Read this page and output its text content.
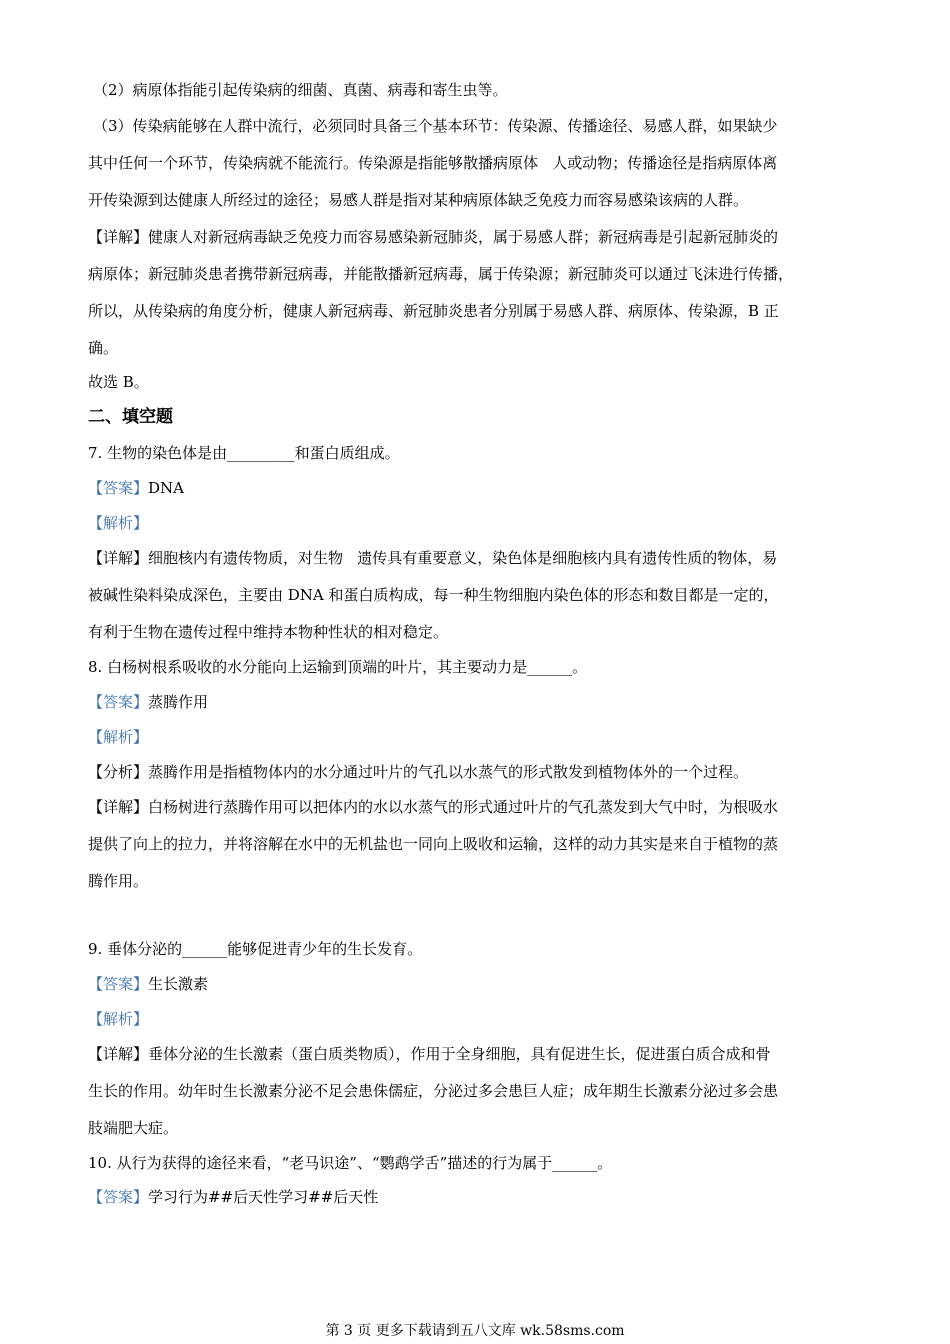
（2）病原体指能引起传染病的细菌、真菌、病毒和寄生虫等。
（3）传染病能够在人群中流行，必须同时具备三个基本环节：传染源、传播途径、易感人群，如果缺少
其中任何一个环节，传染病就不能流行。传染源是指能够散播病原体   人或动物；传播途径是指病原体离
开传染源到达健康人所经过的途径；易感人群是指对某种病原体缺乏免疫力而容易感染该病的人群。
【详解】健康人对新冠病毒缺乏免疫力而容易感染新冠肺炎，属于易感人群；新冠病毒是引起新冠肺炎的
病原体；新冠肺炎患者携带新冠病毒，并能散播新冠病毒，属于传染源；新冠肺炎可以通过飞沫进行传播，
所以，从传染病的角度分析，健康人新冠病毒、新冠肺炎患者分别属于易感人群、病原体、传染源，B 正
确。
故选 B。
二、填空题
7. 生物的染色体是由_________和蛋白质组成。
【答案】DNA
【解析】
【详解】细胞核内有遗传物质，对生物   遗传具有重要意义，染色体是细胞核内具有遗传性质的物体，易
被碱性染料染成深色，主要由 DNA 和蛋白质构成，每一种生物细胞内染色体的形态和数目都是一定的，
有利于生物在遗传过程中维持本物种性状的相对稳定。
8. 白杨树根系吸收的水分能向上运输到顶端的叶片，其主要动力是______。
【答案】蒸腾作用
【解析】
【分析】蒸腾作用是指植物体内的水分通过叶片的气孔以水蒸气的形式散发到植物体外的一个过程。
【详解】白杨树进行蒸腾作用可以把体内的水以水蒸气的形式通过叶片的气孔蒸发到大气中时，为根吸水
提供了向上的拉力，并将溶解在水中的无机盐也一同向上吸收和运输，这样的动力其实是来自于植物的蒸
腾作用。
9. 垂体分泌的______能够促进青少年的生长发育。
【答案】生长激素
【解析】
【详解】垂体分泌的生长激素（蛋白质类物质），作用于全身细胞，具有促进生长，促进蛋白质合成和骨
生长的作用。幼年时生长激素分泌不足会患侏儒症，分泌过多会患巨人症；成年期生长激素分泌过多会患
肢端肥大症。
10. 从行为获得的途径来看，“老马识途”、“鹦鹉学舌”描述的行为属于______。
【答案】学习行为##后天性学习##后天性
第 3 页 更多下载请到五八文库 wk.58sms.com
